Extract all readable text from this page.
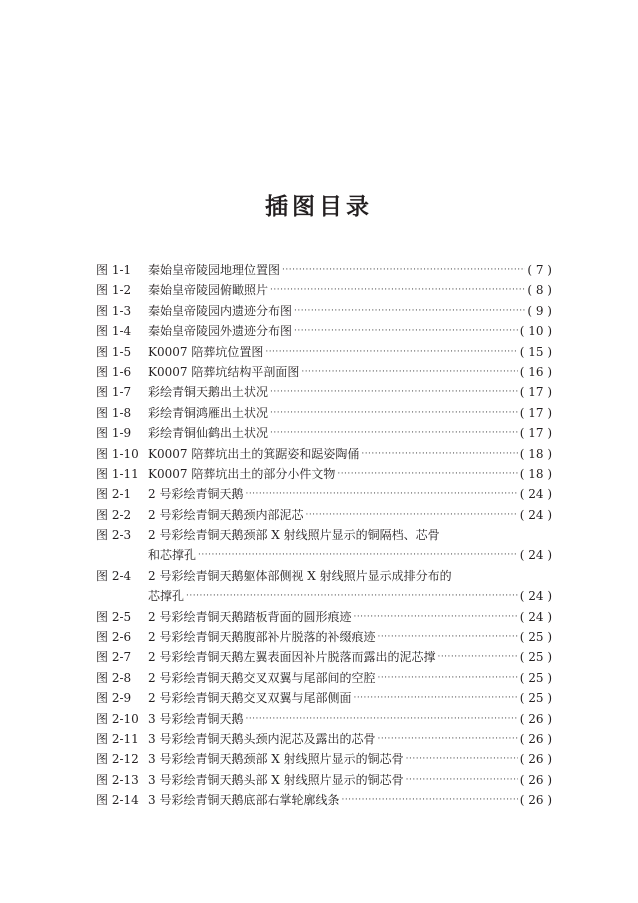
插图目录
图 1-1	秦始皇帝陵园地理位置图 ·····	( 7 )
图 1-2	秦始皇帝陵园俯瞰照片 ·····	( 8 )
图 1-3	秦始皇帝陵园内遗迹分布图 ·····	( 9 )
图 1-4	秦始皇帝陵园外遗迹分布图 ·····	( 10 )
图 1-5	K0007 陪葬坑位置图 ·····	( 15 )
图 1-6	K0007 陪葬坑结构平剖面图 ·····	( 16 )
图 1-7	彩绘青铜天鹅出土状况 ·····	( 17 )
图 1-8	彩绘青铜鸿雁出土状况 ·····	( 17 )
图 1-9	彩绘青铜仙鹤出土状况 ·····	( 17 )
图 1-10 K0007 陪葬坑出土的箕踞姿和跽姿陶俑 ·····	( 18 )
图 1-11 K0007 陪葬坑出土的部分小件文物 ·····	( 18 )
图 2-1	2 号彩绘青铜天鹅 ·····	( 24 )
图 2-2	2 号彩绘青铜天鹅颈内部泥芯 ·····	( 24 )
图 2-3	2 号彩绘青铜天鹅颈部 X 射线照片显示的铜隔档、芯骨
和芯撑孔 ·····	( 24 )
图 2-4	2 号彩绘青铜天鹅躯体部侧视 X 射线照片显示成排分布的
芯撑孔 ·····	( 24 )
图 2-5	2 号彩绘青铜天鹅踏板背面的圆形痕迹 ·····	( 24 )
图 2-6	2 号彩绘青铜天鹅腹部补片脱落的补缀痕迹 ·····	( 25 )
图 2-7	2 号彩绘青铜天鹅左翼表面因补片脱落而露出的泥芯撑 ·····	( 25 )
图 2-8	2 号彩绘青铜天鹅交叉双翼与尾部间的空腔 ·····	( 25 )
图 2-9	2 号彩绘青铜天鹅交叉双翼与尾部侧面 ·····	( 25 )
图 2-10 3 号彩绘青铜天鹅 ·····	( 26 )
图 2-11 3 号彩绘青铜天鹅头颈内泥芯及露出的芯骨 ·····	( 26 )
图 2-12 3 号彩绘青铜天鹅颈部 X 射线照片显示的铜芯骨 ·····	( 26 )
图 2-13 3 号彩绘青铜天鹅头部 X 射线照片显示的铜芯骨 ·····	( 26 )
图 2-14 3 号彩绘青铜天鹅底部右掌轮廓线条 ·····	( 26 )
